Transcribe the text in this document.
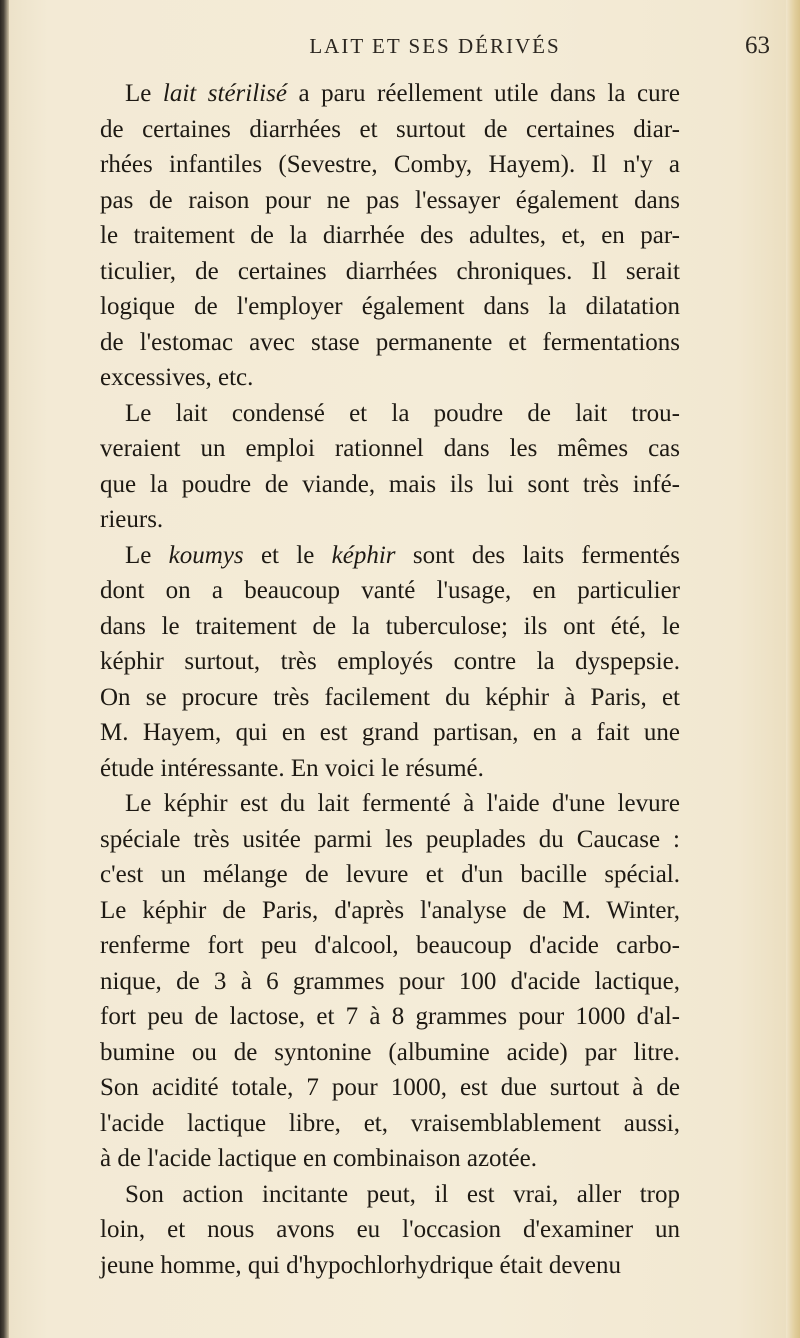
LAIT ET SES DÉRIVÉS	63
Le lait stérilisé a paru réellement utile dans la cure
de certaines diarrhées et surtout de certaines diar-
rhées infantiles (Sevestre, Comby, Hayem). Il n'y a
pas de raison pour ne pas l'essayer également dans
le traitement de la diarrhée des adultes, et, en par-
ticulier, de certaines diarrhées chroniques. Il serait
logique de l'employer également dans la dilatation
de l'estomac avec stase permanente et fermentations
excessives, etc.
Le lait condensé et la poudre de lait trou-
veraient un emploi rationnel dans les mêmes cas
que la poudre de viande, mais ils lui sont très infé-
rieurs.
Le koumys et le képhir sont des laits fermentés
dont on a beaucoup vanté l'usage, en particulier
dans le traitement de la tuberculose; ils ont été, le
képhir surtout, très employés contre la dyspepsie.
On se procure très facilement du képhir à Paris, et
M. Hayem, qui en est grand partisan, en a fait une
étude intéressante. En voici le résumé.
Le képhir est du lait fermenté à l'aide d'une levure
spéciale très usitée parmi les peuplades du Caucase :
c'est un mélange de levure et d'un bacille spécial.
Le képhir de Paris, d'après l'analyse de M. Winter,
renferme fort peu d'alcool, beaucoup d'acide carbo-
nique, de 3 à 6 grammes pour 100 d'acide lactique,
fort peu de lactose, et 7 à 8 grammes pour 1000 d'al-
bumine ou de syntonine (albumine acide) par litre.
Son acidité totale, 7 pour 1000, est due surtout à de
l'acide lactique libre, et, vraisemblablement aussi,
à de l'acide lactique en combinaison azotée.
Son action incitante peut, il est vrai, aller trop
loin, et nous avons eu l'occasion d'examiner un
jeune homme, qui d'hypochlorhydrique était devenu
